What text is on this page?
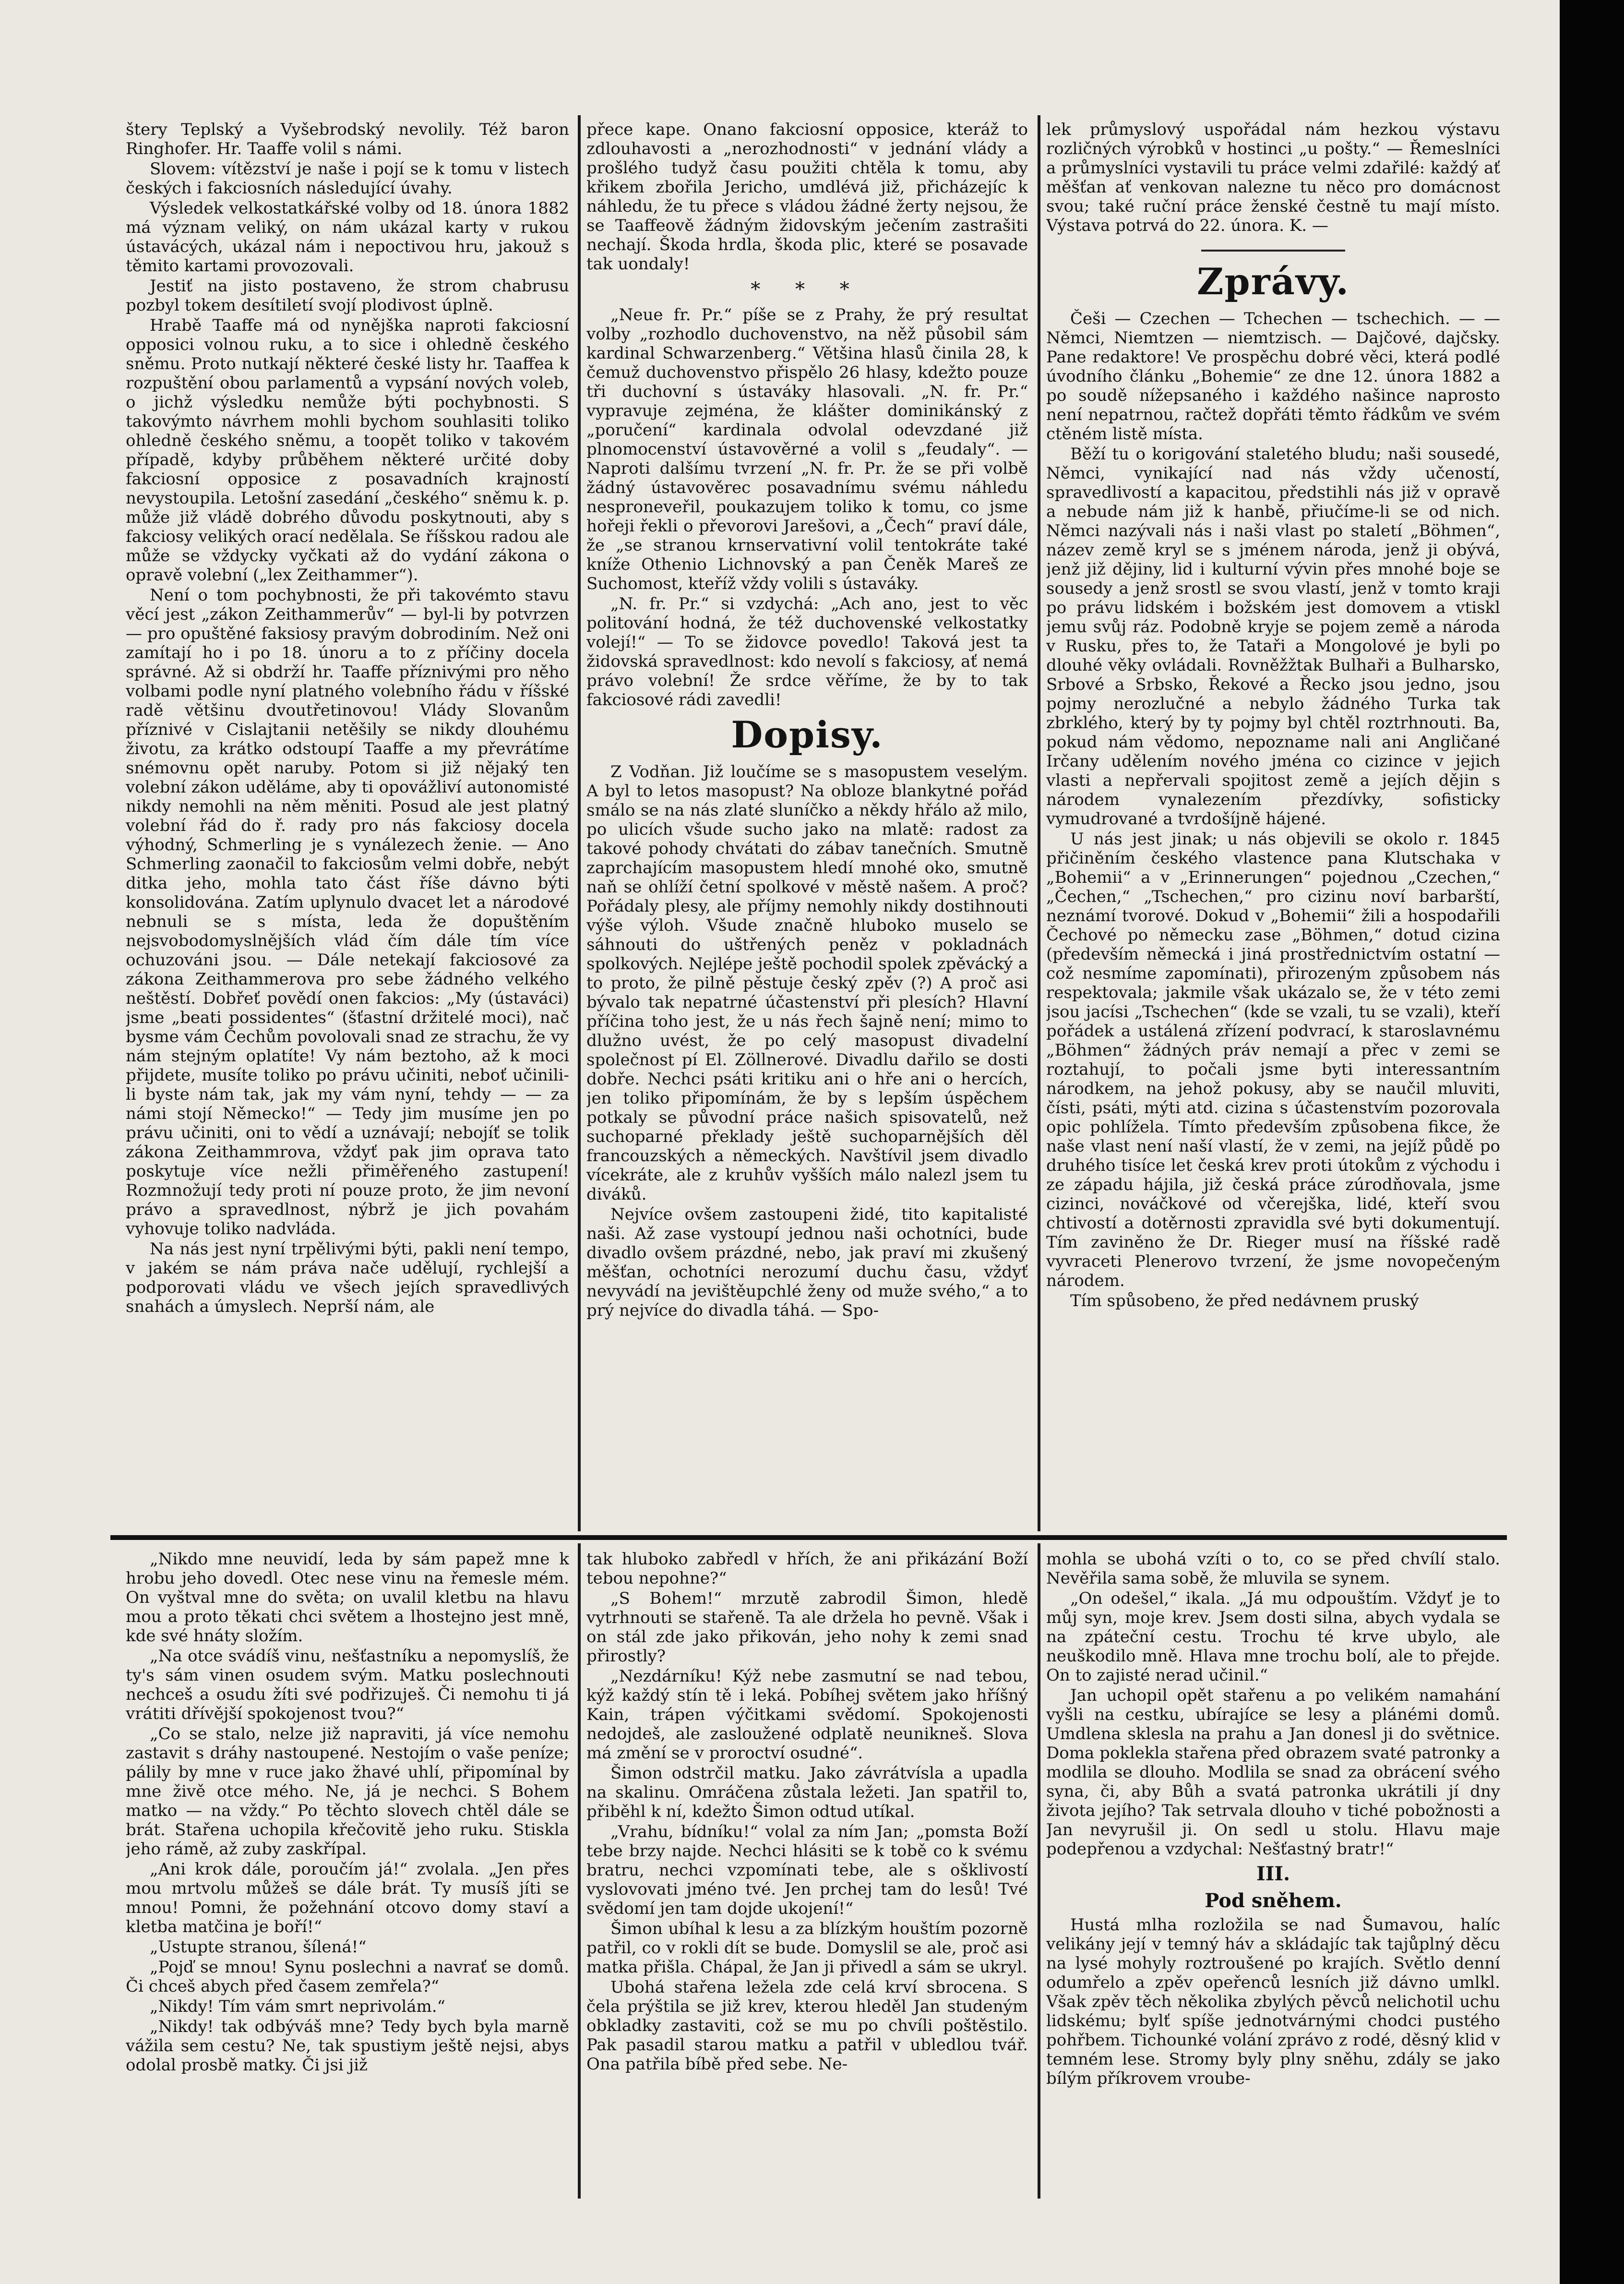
štery Teplský a Vyšebrodský nevolily. Též baron Ringhofer. Hr. Taaffe volil s námi.

Slovem: vítězství je naše i pojí se k tomu v listech českých i fakciosních následující úvahy.

Výsledek velkostatkářské volby od 18. února 1882 má význam veliký, on nám ukázal karty v rukou ústavácých, ukázal nám i nepoctivou hru, jakouž s těmito kartami provozovali.

Jestiť na jisto postaveno, že strom chabrusu pozbyl tokem desítiletí svojí plodivost úplně.

Hrabě Taaffe má od nynějška naproti fakciosní opposici volnou ruku, a to sice i ohledně českého sněmu. Proto nutkají některé české listy hr. Taaffea k rozpuštění obou parlamentů a vypsání nových voleb, o jichž výsledku nemůže býti pochybnosti. S takovýmto návrhem mohli bychom souhlasiti toliko ohledně českého sněmu, a toopět toliko v takovém případě, kdyby průběhem některé určité doby fakciosní opposice z posavadních krajností nevystoupila. Letošní zasedání „českého“ sněmu k. p. může již vládě dobrého důvodu poskytnouti, aby s fakciosy velikých orací nedělala. Se říšskou radou ale může se vždycky vyčkati až do vydání zákona o opravě volební („lex Zeithammer“).

Není o tom pochybnosti, že při takovémto stavu věcí jest „zákon Zeithammerův“ — byl-li by potvrzen — pro opuštěné faksiosy pravým dobrodiním. Než oni zamítají ho i po 18. únoru a to z příčiny docela správné. Až si obdrží hr. Taaffe příznivými pro něho volbami podle nyní platného volebního řádu v říšské radě většinu dvoutřetinovou! Vlády Slovanům příznivé v Cislajtanii netěšily se nikdy dlouhému životu, za krátko odstoupí Taaffe a my převrátíme snémovnu opět naruby. Potom si již nějaký ten volební zákon uděláme, aby ti opovážliví autonomisté nikdy nemohli na něm měniti. Posud ale jest platný volební řád do ř. rady pro nás fakciosy docela výhodný, Schmerling je s vynálezech ženie. — Ano Schmerling zaonačil to fakciosům velmi dobře, nebýt ditka jeho, mohla tato část říše dávno býti konsolidována. Zatím uplynulo dvacet let a národové nebnuli se s místa, leda že dopuštěním nejsvobodomyslnějších vlád čím dále tím více ochuzováni jsou. — Dále netekají fakciosové za zákona Zeithammerova pro sebe žádného velkého neštěstí. Dobřeť povědí onen fakcios: „My (ústaváci) jsme „beati possidentes“ (šťastní držitelé moci), nač bysme vám Čechům povolovali snad ze strachu, že vy nám stejným oplatíte! Vy nám beztoho, až k moci přijdete, musíte toliko po právu učiniti, neboť učinili-li byste nám tak, jak my vám nyní, tehdy — — za námi stojí Německo!“ — Tedy jim musíme jen po právu učiniti, oni to vědí a uznávají; nebojíť se tolik zákona Zeithammrova, vždyť pak jim oprava tato poskytuje více nežli přiměřeného zastupení! Rozmnožují tedy proti ní pouze proto, že jim nevoní právo a spravedlnost, nýbrž je jich povahám vyhovuje toliko nadvláda.

Na nás jest nyní trpělivými býti, pakli není tempo, v jakém se nám práva nače udělují, rychlejší a podporovati vládu ve všech jejích spravedlivých snahách a úmyslech. Neprší nám, ale

přece kape. Onano fakciosní opposice, kteráž to zdlouhavosti a „nerozhodnosti“ v jednání vlády a prošlého tudyž času použiti chtěla k tomu, aby křikem zbořila Jericho, umdlévá již, přicházejíc k náhledu, že tu přece s vládou žádné žerty nejsou, že se Taaffeově žádným židovským ječením zastrašiti nechají. Škoda hrdla, škoda plic, které se posavade tak uondaly!

* * *

„Neue fr. Pr.“ píše se z Prahy, že prý resultat volby „rozhodlo duchovenstvo, na něž působil sám kardinal Schwarzenberg.“ Většina hlasů činila 28, k čemuž duchovenstvo přispělo 26 hlasy, kdežto pouze tři duchovní s ústaváky hlasovali. „N. fr. Pr.“ vypravuje zejména, že klášter dominikánský z „poručení“ kardinala odvolal odevzdané již plnomocenství ústavověrné a volil s „feudaly“. — Naproti dalšímu tvrzení „N. fr. Pr. že se při volbě žádný ústavověrec posavadnímu svému náhledu nesproneveřil, poukazujem toliko k tomu, co jsme hořeji řekli o převorovi Jarešovi, a „Čech“ praví dále, že „se stranou krnservativní volil tentokráte také kníže Othenio Lichnovský a pan Čeněk Mareš ze Suchomost, kteříž vždy volili s ústaváky.

„N. fr. Pr.“ si vzdychá: „Ach ano, jest to věc politování hodná, že též duchovenské velkostatky volejí!“ — To se židovce povedlo! Taková jest ta židovská spravedlnost: kdo nevolí s fakciosy, ať nemá právo volební! Že srdce věříme, že by to tak fakciosové rádi zavedli!

Dopisy.

Z Vodňan. Již loučíme se s masopustem veselým. A byl to letos masopust? Na obloze blankytné pořád smálo se na nás zlaté sluníčko a někdy hřálo až milo, po ulicích všude sucho jako na mlatě: radost za takové pohody chvátati do zábav tanečních. Smutně zaprchajícím masopustem hledí mnohé oko, smutně naň se ohlíží četní spolkové v městě našem. A proč? Pořádaly plesy, ale příjmy nemohly nikdy dostihnouti výše výloh. Všude značně hluboko muselo se sáhnouti do uštřených peněz v pokladnách spolkových. Nejlépe ještě pochodil spolek zpěvácký a to proto, že pilně pěstuje český zpěv (?) A proč asi bývalo tak nepatrné účastenství při plesích? Hlavní příčina toho jest, že u nás řech šajně není; mimo to dlužno uvést, že po celý masopust divadelní společnost pí El. Zöllnerové. Divadlu dařilo se dosti dobře. Nechci psáti kritiku ani o hře ani o hercích, jen toliko připomínám, že by s lepším úspěchem potkaly se původní práce našich spisovatelů, než suchoparné překlady ještě suchoparnějších děl francouzských a německých. Navštívil jsem divadlo vícekráte, ale z kruhův vyšších málo nalezl jsem tu diváků.

Nejvíce ovšem zastoupeni židé, tito kapitalisté naši. Až zase vystoupí jednou naši ochotníci, bude divadlo ovšem prázdné, nebo, jak praví mi zkušený měšťan, ochotníci nerozumí duchu času, vždyť nevyvádí na jevištěupchlé ženy od muže svého,“ a to prý nejvíce do divadla táhá. — Spo-

lek průmyslový uspořádal nám hezkou výstavu rozličných výrobků v hostinci „u pošty.“ — Řemeslníci a průmyslníci vystavili tu práce velmi zdařilé: každý ať měšťan ať venkovan nalezne tu něco pro domácnost svou; také ruční práce ženské čestně tu mají místo. Výstava potrvá do 22. února. K. —

Zprávy.

Češi — Czechen — Tchechen — tschechich. — — Němci, Niemtzen — niemtzisch. — Dajčové, dajčsky. Pane redaktore! Ve prospěchu dobré věci, která podlé úvodního článku „Bohemie“ ze dne 12. února 1882 a po soudě nížepsaného i každého našince naprosto není nepatrnou, račtež dopřáti těmto řádkům ve svém ctěném listě místa.

Běží tu o korigování staletého bludu; naši sousedé, Němci, vynikající nad nás vždy učeností, spravedlivostí a kapacitou, předstihli nás již v opravě a nebude nám již k hanbě, přiučíme-li se od nich. Němci nazývali nás i naši vlast po staletí „Böhmen“, název země kryl se s jménem národa, jenž ji obývá, jenž již dějiny, lid i kulturní vývin přes mnohé boje se sousedy a jenž srostl se svou vlastí, jenž v tomto kraji po právu lidském i božském jest domovem a vtiskl jemu svůj ráz. Podobně kryje se pojem země a národa v Rusku, přes to, že Tataři a Mongolové je byli po dlouhé věky ovládali. Rovněžžtak Bulhaři a Bulharsko, Srbové a Srbsko, Řekové a Řecko jsou jedno, jsou pojmy nerozlučné a nebylo žádného Turka tak zbrklého, který by ty pojmy byl chtěl roztrhnouti. Ba, pokud nám vědomo, nepozname nali ani Angličané Irčany udělením nového jména co cizince v jejich vlasti a nepřervali spojitost země a jejích dějin s národem vynalezením přezdívky, sofisticky vymudrované a tvrdošíjně hájené.

U nás jest jinak; u nás objevili se okolo r. 1845 přičiněním českého vlastence pana Klutschaka v „Bohemii“ a v „Erinnerungen“ pojednou „Czechen,“ „Čechen,“ „Tschechen,“ pro cizinu noví barbarští, neznámí tvorové. Dokud v „Bohemii“ žili a hospodařili Čechové po německu zase „Böhmen,“ dotud cizina (především německá i jiná prostřednictvím ostatní — což nesmíme zapomínati), přirozeným způsobem nás respektovala; jakmile však ukázalo se, že v této zemi jsou jacísi „Tschechen“ (kde se vzali, tu se vzali), kteří pořádek a ustálená zřízení podvrací, k staroslavnému „Böhmen“ žádných práv nemají a přec v zemi se roztahují, to počali jsme byti interessantním národkem, na jehož pokusy, aby se naučil mluviti, čísti, psáti, mýti atd. cizina s účastenstvím pozorovala opic pohlížela. Tímto především způsobena fikce, že naše vlast není naší vlastí, že v zemi, na jejíž půdě po druhého tisíce let česká krev proti útokům z východu i ze západu hájila, již česká práce zúrodňovala, jsme cizinci, nováčkové od včerejška, lidé, kteří svou chtivostí a dotěrnosti zpravidla své byti dokumentují. Tím zaviněno že Dr. Rieger musí na říšské radě vyvraceti Plenerovo tvrzení, že jsme novopečeným národem.

Tím spůsobeno, že před nedávnem pruský

„Nikdo mne neuvidí, leda by sám papež mne k hrobu jeho dovedl. Otec nese vinu na řemesle mém. On vyštval mne do světa; on uvalil kletbu na hlavu mou a proto těkati chci světem a lhostejno jest mně, kde své hnáty složím.

„Na otce svádíš vinu, nešťastníku a nepomyslíš, že ty's sám vinen osudem svým. Matku poslechnouti nechceš a osudu žíti své podřizuješ. Či nemohu ti já vrátiti dřívější spokojenost tvou?“

„Co se stalo, nelze již napraviti, já více nemohu zastavit s dráhy nastoupené. Nestojím o vaše peníze; pálily by mne v ruce jako žhavé uhlí, připomínal by mne živě otce mého. Ne, já je nechci. S Bohem matko — na vždy.“ Po těchto slovech chtěl dále se brát. Stařena uchopila křečovitě jeho ruku. Stiskla jeho rámě, až zuby zaskřípal.

„Ani krok dále, poroučím já!“ zvolala. „Jen přes mou mrtvolu můžeš se dále brát. Ty musíš jíti se mnou! Pomni, že požehnání otcovo domy staví a kletba matčina je boří!“

„Ustupte stranou, šílená!“

„Pojď se mnou! Synu poslechni a navrať se domů. Či chceš abych před časem zemřela?“

„Nikdy! Tím vám smrt neprivolám.“

„Nikdy! tak odbýváš mne? Tedy bych byla marně vážila sem cestu? Ne, tak spustiym ještě nejsi, abys odolal prosbě matky. Či jsi již

tak hluboko zabředl v hřích, že ani přikázání Boží tebou nepohne?“

„S Bohem!“ mrzutě zabrodil Šimon, hledě vytrhnouti se stařeně. Ta ale držela ho pevně. Však i on stál zde jako přikován, jeho nohy k zemi snad přirostly?

„Nezdárníku! Kýž nebe zasmutní se nad tebou, kýž každý stín tě i leká. Pobíhej světem jako hříšný Kain, trápen výčitkami svědomí. Spokojenosti nedojdeš, ale zasloužené odplatě neunikneš. Slova má změní se v proroctví osudné“.

Šimon odstrčil matku. Jako závrátvísla a upadla na skalinu. Omráčena zůstala ležeti. Jan spatřil to, přiběhl k ní, kdežto Šimon odtud utíkal.

„Vrahu, bídníku!“ volal za ním Jan; „pomsta Boží tebe brzy najde. Nechci hlásiti se k tobě co k svému bratru, nechci vzpomínati tebe, ale s ošklivostí vyslovovati jméno tvé. Jen prchej tam do lesů! Tvé svědomí jen tam dojde ukojení!“

Šimon ubíhal k lesu a za blízkým houštím pozorně patřil, co v rokli dít se bude. Domyslil se ale, proč asi matka přišla. Chápal, že Jan ji přivedl a sám se ukryl.

Ubohá stařena ležela zde celá krví sbrocena. S čela prýštila se již krev, kterou hleděl Jan studeným obkladky zastaviti, což se mu po chvíli poštěstilo. Pak pasadil starou matku a patřil v ubledlou tvář. Ona patřila bíbě před sebe. Ne-

mohla se ubohá vzíti o to, co se před chvílí stalo. Nevěřila sama sobě, že mluvila se synem.

„On odešel,“ ikala. „Já mu odpouštím. Vždyť je to můj syn, moje krev. Jsem dosti silna, abych vydala se na zpáteční cestu. Trochu té krve ubylo, ale neuškodilo mně. Hlava mne trochu bolí, ale to přejde. On to zajisté nerad učinil.“

Jan uchopil opět stařenu a po velikém namahání vyšli na cestku, ubírajíce se lesy a plánémi domů. Umdlena sklesla na prahu a Jan donesl ji do světnice. Doma poklekla stařena před obrazem svaté patronky a modlila se dlouho. Modlila se snad za obrácení svého syna, či, aby Bůh a svatá patronka ukrátili jí dny života jejího? Tak setrvala dlouho v tiché pobožnosti a Jan nevyrušil ji. On sedl u stolu. Hlavu maje podepřenou a vzdychal: Nešťastný bratr!“

III.
Pod sněhem.

Hustá mlha rozložila se nad Šumavou, halíc velikány její v temný háv a skládajíc tak tajůplný děcu na lysé mohyly roztroušené po krajích. Světlo denní odumřelo a zpěv opeřenců lesních již dávno umlkl. Však zpěv těch několika zbylých pěvců nelichotil uchu lidskému; bylť spíše jednotvárnými chodci pustého pohřbem. Tichounké volání zprávo z rodé, děsný klid v temném lese. Stromy byly plny sněhu, zdály se jako bílým příkrovem vroube-
